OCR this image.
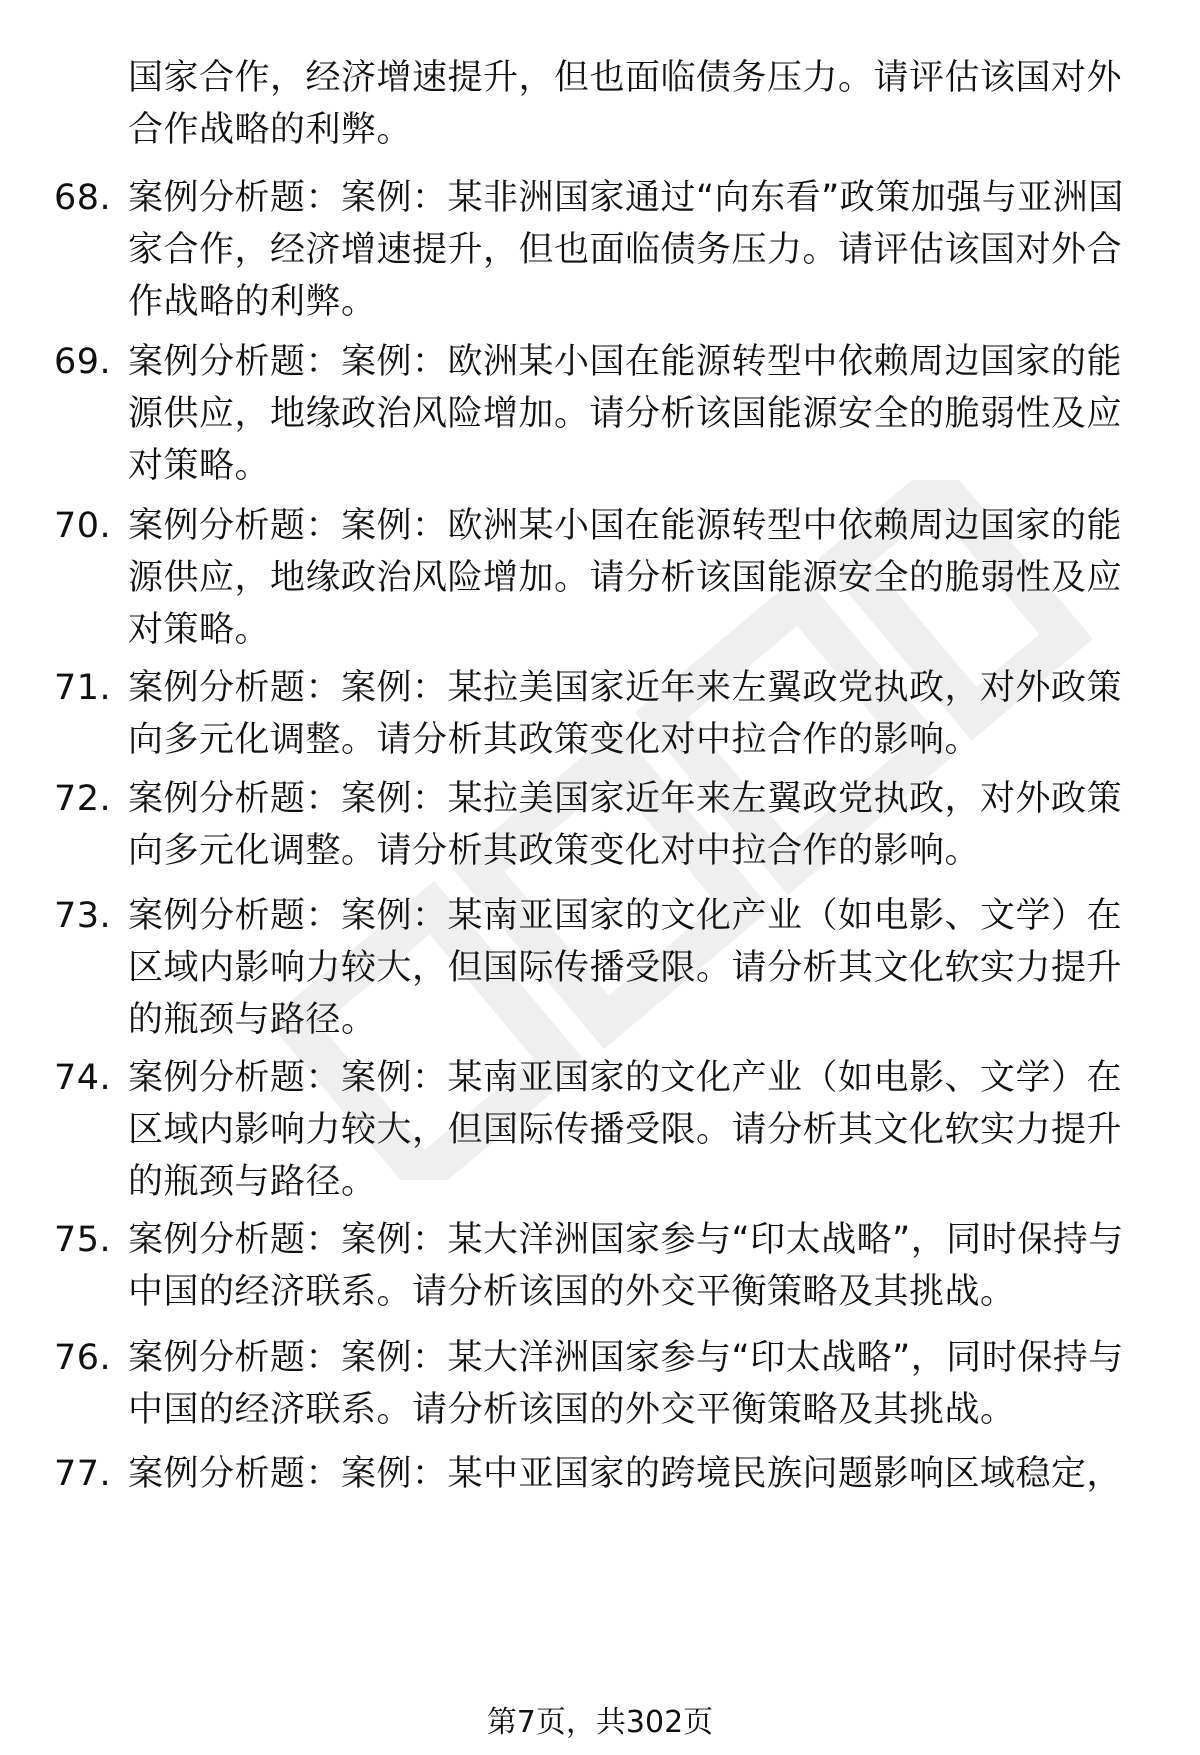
国家合作，经济增速提升，但也面临债务压力。请评估该国对外合作战略的利弊。
68. 案例分析题：案例：某非洲国家通过“向东看”政策加强与亚洲国家合作，经济增速提升，但也面临债务压力。请评估该国对外合作战略的利弊。
69. 案例分析题：案例：欧洲某小国在能源转型中依赖周边国家的能源供应，地缘政治风险增加。请分析该国能源安全的脆弱性及应对策略。
70. 案例分析题：案例：欧洲某小国在能源转型中依赖周边国家的能源供应，地缘政治风险增加。请分析该国能源安全的脆弱性及应对策略。
71. 案例分析题：案例：某拉美国家近年来左翼政党执政，对外政策向多元化调整。请分析其政策变化对中拉合作的影响。
72. 案例分析题：案例：某拉美国家近年来左翼政党执政，对外政策向多元化调整。请分析其政策变化对中拉合作的影响。
73. 案例分析题：案例：某南亚国家的文化产业（如电影、文学）在区域内影响力较大，但国际传播受限。请分析其文化软实力提升的瓶颈与路径。
74. 案例分析题：案例：某南亚国家的文化产业（如电影、文学）在区域内影响力较大，但国际传播受限。请分析其文化软实力提升的瓶颈与路径。
75. 案例分析题：案例：某大洋洲国家参与“印太战略”，同时保持与中国的经济联系。请分析该国的外交平衡策略及其挑战。
76. 案例分析题：案例：某大洋洲国家参与“印太战略”，同时保持与中国的经济联系。请分析该国的外交平衡策略及其挑战。
77. 案例分析题：案例：某中亚国家的跨境民族问题影响区域稳定，
第7页，共302页
